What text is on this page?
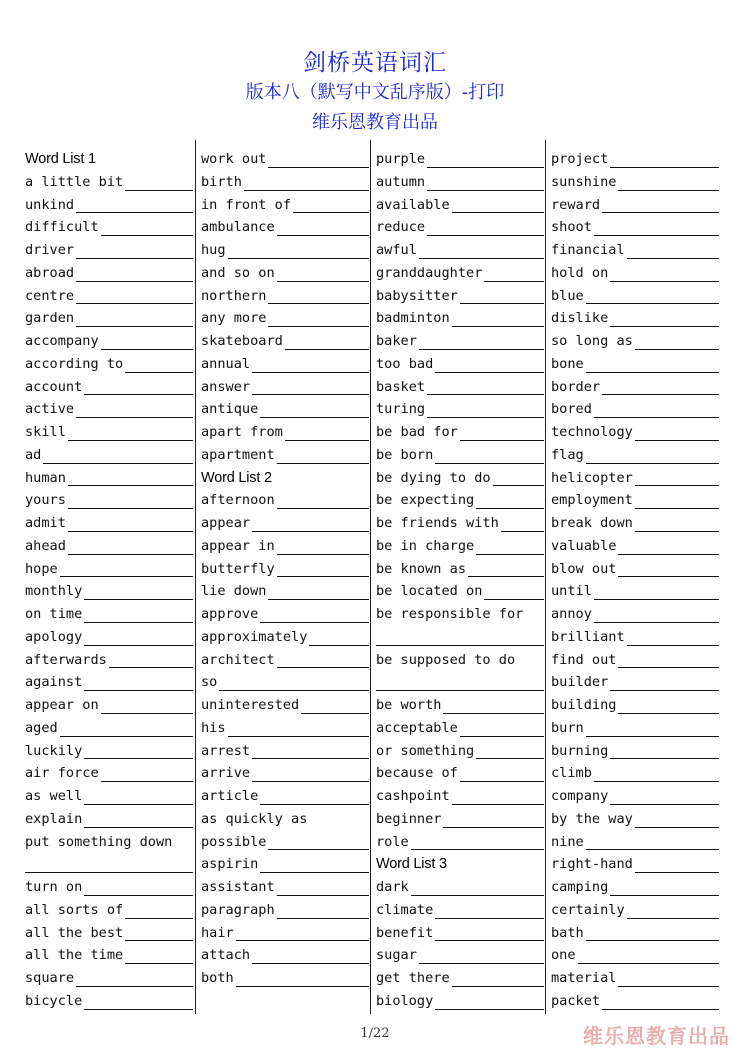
剑桥英语词汇
版本八（默写中文乱序版）-打印
维乐恩教育出品
Word List 1
a little bit
unkind
difficult
driver
abroad
centre
garden
accompany
according to
account
active
skill
ad
human
yours
admit
ahead
hope
monthly
on time
apology
afterwards
against
appear on
aged
luckily
air force
as well
explain
put something down
turn on
all sorts of
all the best
all the time
square
bicycle
work out
birth
in front of
ambulance
hug
and so on
northern
any more
skateboard
annual
answer
antique
apart from
apartment
Word List 2
afternoon
appear
appear in
butterfly
lie down
approve
approximately
architect
so
uninterested
his
arrest
arrive
article
as quickly as
possible
aspirin
assistant
paragraph
hair
attach
both
purple
autumn
available
reduce
awful
granddaughter
babysitter
badminton
baker
too bad
basket
turing
be bad for
be born
be dying to do
be expecting
be friends with
be in charge
be known as
be located on
be responsible for
be supposed to do
be worth
acceptable
or something
because of
cashpoint
beginner
role
Word List 3
dark
climate
benefit
sugar
get there
biology
project
sunshine
reward
shoot
financial
hold on
blue
dislike
so long as
bone
border
bored
technology
flag
helicopter
employment
break down
valuable
blow out
until
annoy
brilliant
find out
builder
building
burn
burning
climb
company
by the way
nine
right-hand
camping
certainly
bath
one
material
packet
1/22	维乐恩教育出品
